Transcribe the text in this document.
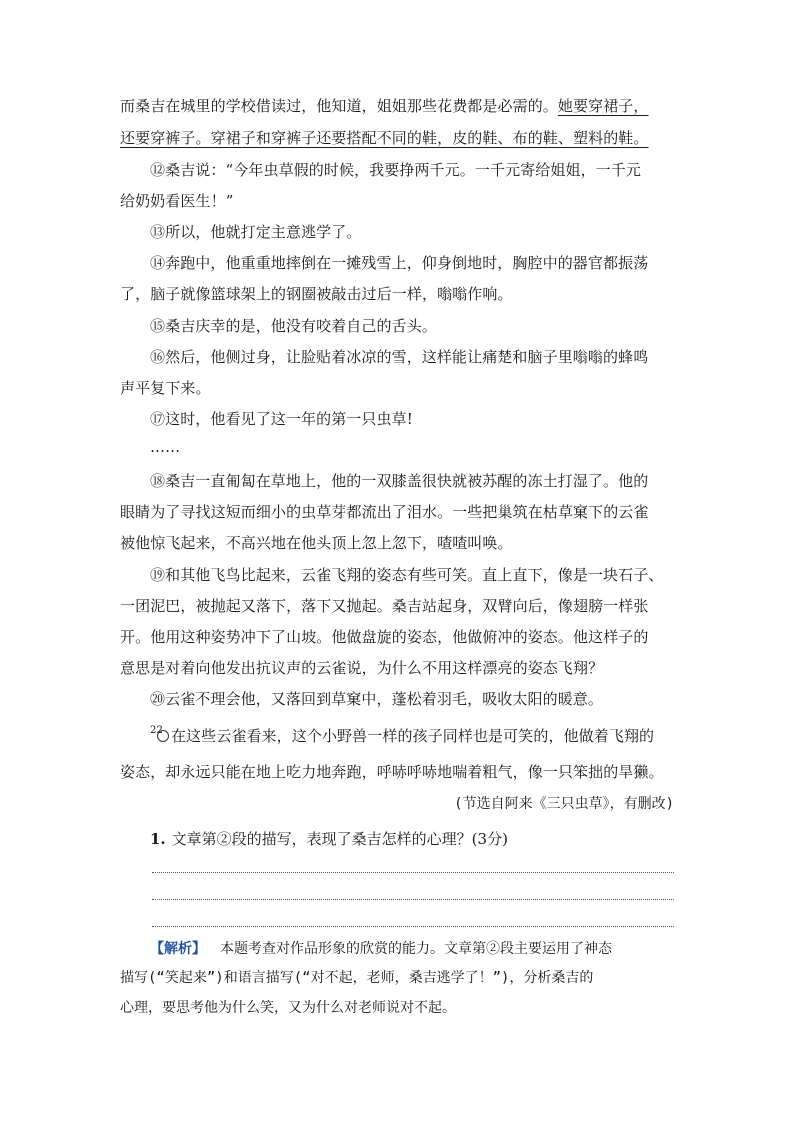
而桑吉在城里的学校借读过，他知道，姐姐那些花费都是必需的。她要穿裙子，
还要穿裤子。穿裙子和穿裤子还要搭配不同的鞋，皮的鞋、布的鞋、塑料的鞋。
⑫桑吉说：“今年虫草假的时候，我要挣两千元。一千元寄给姐姐，一千元
给奶奶看医生！”
⑬所以，他就打定主意逃学了。
⑭奔跑中，他重重地摔倒在一摊残雪上，仰身倒地时，胸腔中的器官都振荡
了，脑子就像篮球架上的钢圈被敲击过后一样，嗡嗡作响。
⑮桑吉庆幸的是，他没有咬着自己的舌头。
⑯然后，他侧过身，让脸贴着冰凉的雪，这样能让痛楚和脑子里嗡嗡的蜂鸣
声平复下来。
⑰这时，他看见了这一年的第一只虫草!
……
⑱桑吉一直匍匐在草地上，他的一双膝盖很快就被苏醒的冻土打湿了。他的
眼睛为了寻找这短而细小的虫草芽都流出了泪水。一些把巢筑在枯草窠下的云雀
被他惊飞起来，不高兴地在他头顶上忽上忽下，喳喳叫唤。
⑲和其他飞鸟比起来，云雀飞翔的姿态有些可笑。直上直下，像是一块石子、
一团泥巴，被抛起又落下，落下又抛起。桑吉站起身，双臂向后，像翅膀一样张
开。他用这种姿势冲下了山坡。他做盘旋的姿态，他做俯冲的姿态。他这样子的
意思是对着向他发出抗议声的云雀说，为什么不用这样漂亮的姿态飞翔？
⑳云雀不理会他，又落回到草窠中，蓬松着羽毛，吸收太阳的暖意。
$^{22}$ 在这些云雀看来，这个小野兽一样的孩子同样也是可笑的，他做着飞翔的
姿态，却永远只能在地上吃力地奔跑，呼哧呼哧地喘着粗气，像一只笨拙的旱獭。
(节选自阿来《三只虫草》，有删改)
1. 文章第②段的描写，表现了桑吉怎样的心理？(3分)
【解析】 本题考查对作品形象的欣赏的能力。文章第②段主要运用了神态
描写(“笑起来”)和语言描写(“对不起，老师，桑吉逃学了！”)，分析桑吉的
心理，要思考他为什么笑，又为什么对老师说对不起。
